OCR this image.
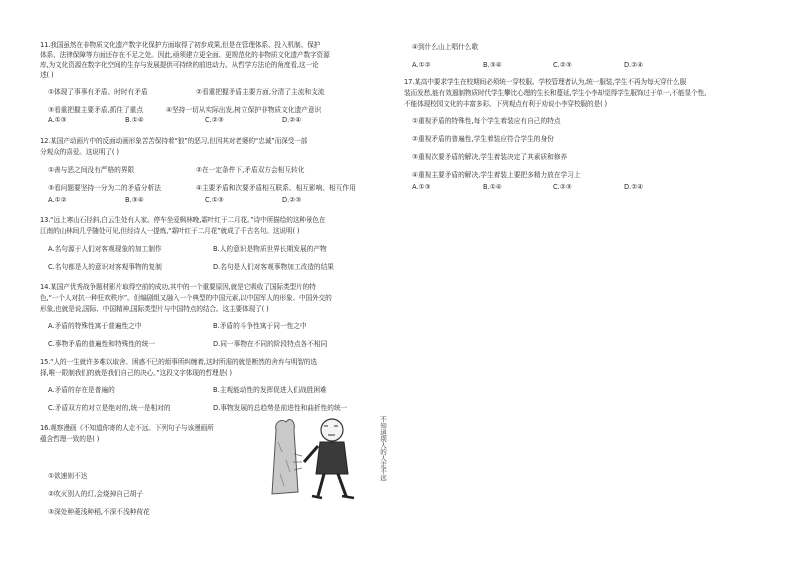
11.我国虽然在非物质文化遗产数字化保护方面取得了初步成果,但是在管理体系、投入机制、保护
体系、法律保障等方面还存在不足之处。因此,亟须建立更全面、更规范化的非物质文化遗产数字资源
库,为文化资源在数字化空间的生存与发展提供可持续的前进动力。从哲学方法论的角度看,这一论
述( )
①体现了事事有矛盾、时时有矛盾	②看重把握矛盾主要方面,分清了主流和支流
③看重把握主要矛盾,抓住了重点	④坚持一切从实际出发,树立保护非物质文化遗产意识
A.①③	B.①④	C.②③	D.②④
12.某国产动画片中的反面动画形象苦苦保持着“狼”的恶习,但因其对老婆的“忠诚”而深受一部
分观众的喜爱。这说明了( )
①善与恶之间没有严格的界限	②在一定条件下,矛盾双方会相互转化
③看问题要坚持一分为二的矛盾分析法	④主要矛盾和次要矛盾相互联系、相互影响、相互作用
A.①②	B.③④	C.①③	D.②③
13.“远上寒山石径斜,白云生处有人家。停车坐爱枫林晚,霜叶红于二月花。”诗中所描绘的这种景色在
江南的山林间几乎随处可见,但经诗人一提炼,“霜叶红于二月花”就成了千古名句。这说明( )
A.名句源于人们对客观现象的加工制作	B.人的意识是物质世界长期发展的产物
C.名句都是人的意识对客观事物的复制	D.名句是人们对客观事物加工改造的结果
14.某国产优秀战争题材影片取得空前的成功,其中的一个重要原因,就是它吸收了国际类型片的特
色,“一个人对抗一种狂欢秩序”。但编剧组又融入一个典型的中国元素,以中国军人的形象、中国外交的
形象,也就是说,国际、中国精神,国际类型片与中国特点的结合。这主要体现了( )
A.矛盾的特殊性寓于普遍性之中	B.矛盾的斗争性寓于同一性之中
C.事物矛盾的普遍性和特殊性的统一	D.同一事物在不同的阶段特点各不相同
15.“人的一生就许多难以取舍、困惑不已的烦事所纠缠着,这时所需的就是断然的舍弃与明智的选
择,唯一限制我们的就是我们自己的决心。”这段文字体现的哲理是( )
A.矛盾的存在是普遍的	B.主观能动性的发挥促进人们战胜困难
C.矛盾双方的对立是绝对的,统一是相对的	D.事物发展的总趋势是前进性和曲折性的统一
16.观察漫画《不知道你寄的人走不远。下列句子与该漫画所
蕴含哲理一致的是( )
①欲速则不达
②吹灭别人的灯,会烧掉自己胡子
③深处种菱浅种稻,不深不浅种荷花
不知道别人的人走不远
④到什么山上唱什么歌
A.①②	B.③④	C.②③	D.②④
17.某高中要求学生在校期间必须统一穿校服。学校管理者认为,统一服装,学生不再为每天穿什么服
装而发愁,能有效遏制物质时代学生攀比心理的生长和蔓延,学生小李却觉得学生服饰过于单一,不能显个性,
不能体现校园文化的丰富多彩。下列观点有利于劝说小李穿校服的是( )
①重视矛盾的特殊性,每个学生着装应有自己的特点
②重视矛盾的普遍性,学生着装应符合学生的身份
③重视次要矛盾的解决,学生着装决定了其素质和修养
④重视主要矛盾的解决,学生着装上要把多精力放在学习上
A.①③	B.①④	C.②③	D.②④
